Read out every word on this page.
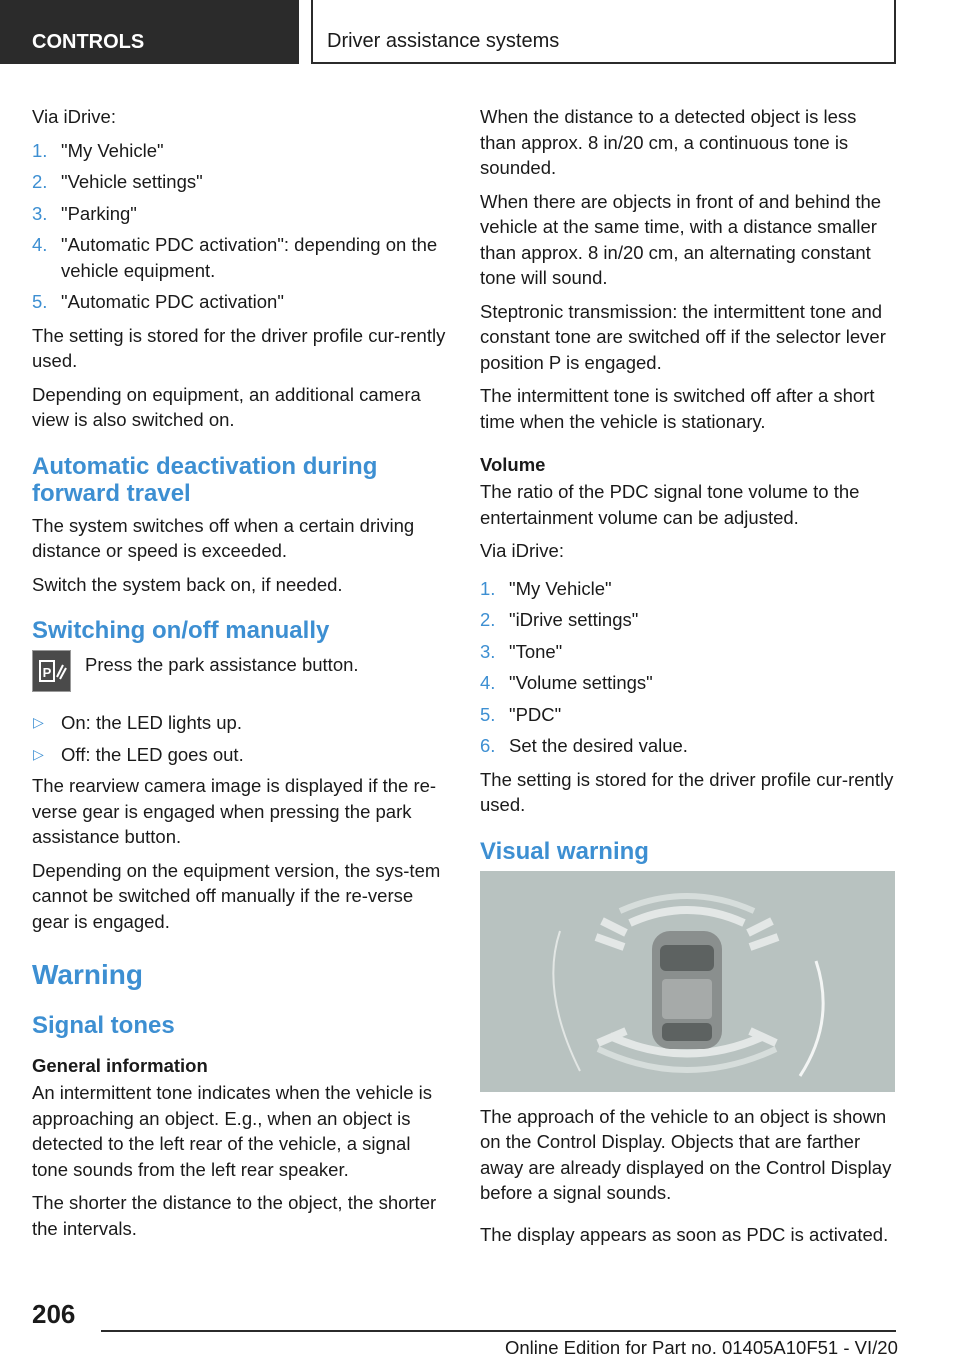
CONTROLS	Driver assistance systems

Via iDrive:

1. "My Vehicle"
2. "Vehicle settings"
3. "Parking"
4. "Automatic PDC activation": depending on the vehicle equipment.
5. "Automatic PDC activation"

The setting is stored for the driver profile cur-rently used.

Depending on equipment, an additional camera view is also switched on.

Automatic deactivation during forward travel

The system switches off when a certain driving distance or speed is exceeded.

Switch the system back on, if needed.

Switching on/off manually
P Press the park assistance button.
▷ On: the LED lights up.
▷ Off: the LED goes out.

The rearview camera image is displayed if the re-verse gear is engaged when pressing the park assistance button.

Depending on the equipment version, the sys-tem cannot be switched off manually if the re-verse gear is engaged.

Warning
Signal tones
General information

An intermittent tone indicates when the vehicle is approaching an object. E.g., when an object is detected to the left rear of the vehicle, a signal tone sounds from the left rear speaker.

The shorter the distance to the object, the shorter the intervals.

When the distance to a detected object is less than approx. 8 in/20 cm, a continuous tone is sounded.

When there are objects in front of and behind the vehicle at the same time, with a distance smaller than approx. 8 in/20 cm, an alternating constant tone will sound.

Steptronic transmission: the intermittent tone and constant tone are switched off if the selector lever position P is engaged.

The intermittent tone is switched off after a short time when the vehicle is stationary.

Volume

The ratio of the PDC signal tone volume to the entertainment volume can be adjusted.

Via iDrive:

1. "My Vehicle"
2. "iDrive settings"
3. "Tone"
4. "Volume settings"
5. "PDC"
6. Set the desired value.

The setting is stored for the driver profile cur-rently used.

Visual warning

The approach of the vehicle to an object is shown on the Control Display. Objects that are farther away are already displayed on the Control Display before a signal sounds.

The display appears as soon as PDC is activated.

206
Online Edition for Part no. 01405A10F51 - VI/20
